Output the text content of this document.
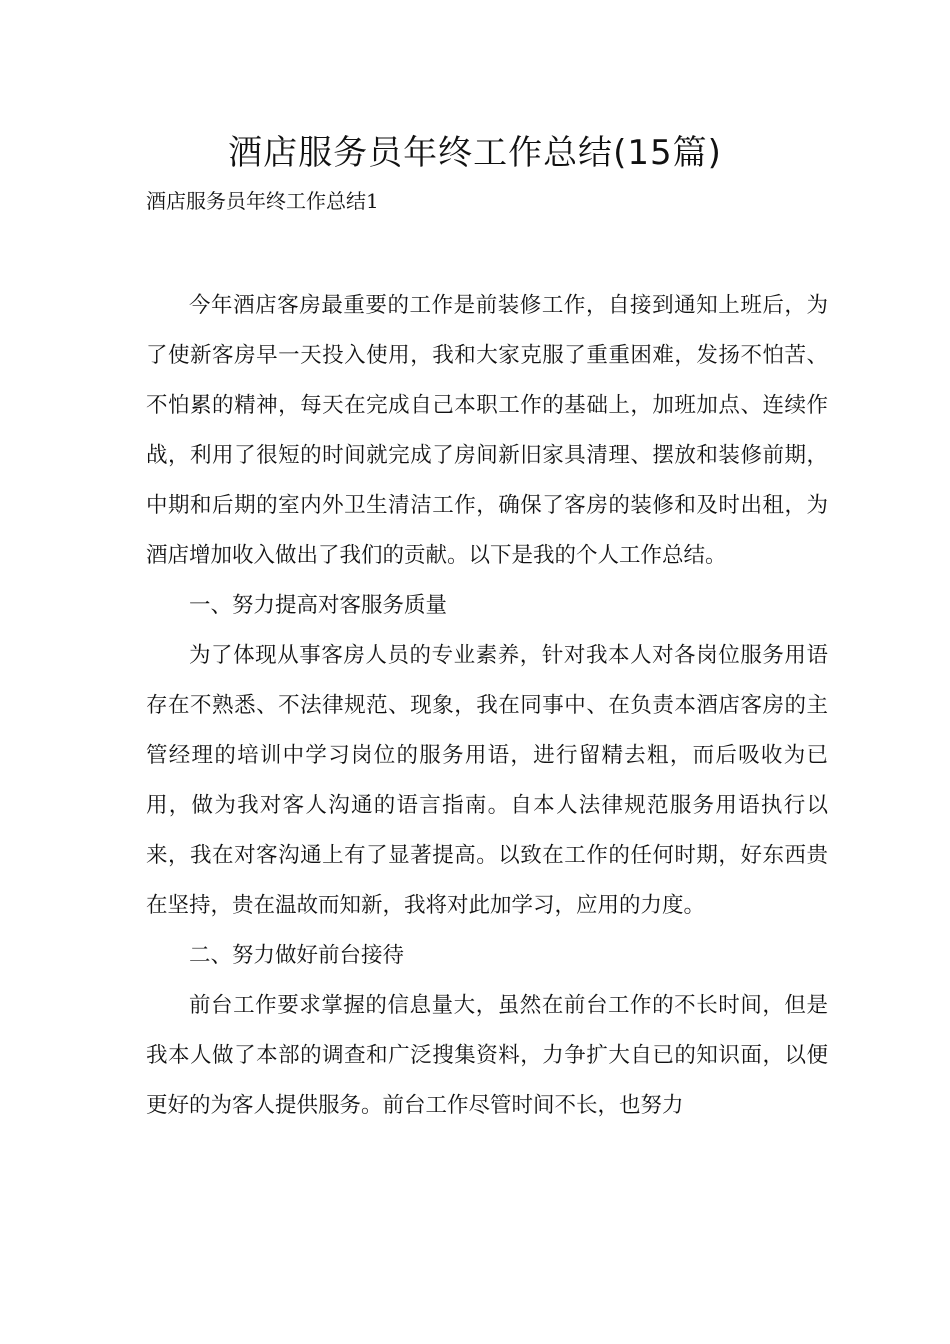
酒店服务员年终工作总结(15篇)

酒店服务员年终工作总结1

今年酒店客房最重要的工作是前装修工作，自接到通知上班后，为了使新客房早一天投入使用，我和大家克服了重重困难，发扬不怕苦、不怕累的精神，每天在完成自己本职工作的基础上，加班加点、连续作战，利用了很短的时间就完成了房间新旧家具清理、摆放和装修前期，中期和后期的室内外卫生清洁工作，确保了客房的装修和及时出租，为酒店增加收入做出了我们的贡献。以下是我的个人工作总结。

一、努力提高对客服务质量

为了体现从事客房人员的专业素养，针对我本人对各岗位服务用语存在不熟悉、不法律规范、现象，我在同事中、在负责本酒店客房的主管经理的培训中学习岗位的服务用语，进行留精去粗，而后吸收为已用，做为我对客人沟通的语言指南。自本人法律规范服务用语执行以来，我在对客沟通上有了显著提高。以致在工作的任何时期，好东西贵在坚持，贵在温故而知新，我将对此加学习，应用的力度。

二、努力做好前台接待

前台工作要求掌握的信息量大，虽然在前台工作的不长时间，但是我本人做了本部的调查和广泛搜集资料，力争扩大自已的知识面，以便更好的为客人提供服务。前台工作尽管时间不长，也努力
